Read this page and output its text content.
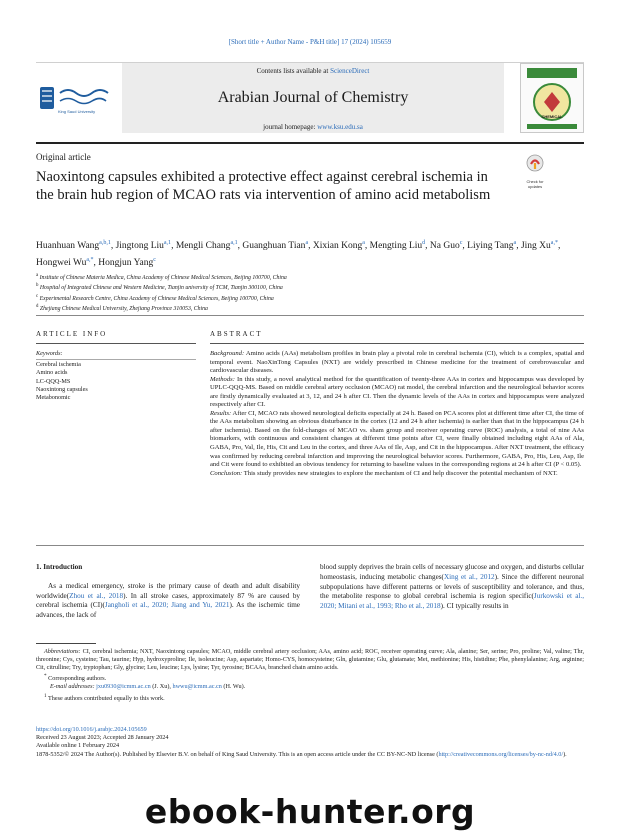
[Short title + Author Name - P&H title] 17 (2024) 105659
King Saud University
Contents lists available at ScienceDirect
Arabian Journal of Chemistry
journal homepage: www.ksu.edu.sa
CHEMICAL
Original article
Check for updates
Naoxintong capsules exhibited a protective effect against cerebral ischemia in the brain hub region of MCAO rats via intervention of amino acid metabolism
Huanhuan Wang$^{a,b,1}$, Jingtong Liu$^{a,1}$, Mengli Chang$^{a,1}$, Guanghuan Tian$^a$, Xixian Kong$^a$, Mengting Liu$^d$, Na Guo$^c$, Liying Tang$^a$, Jing $Xu^{a,*}$, Hongwei $Wu^{a,*}$, Hongjun Yang$^c$
$^a$ Institute of Chinese Materia Medica, China Academy of Chinese Medical Sciences, Beijing 100700, China
$^b$ Hospital of Integrated Chinese and Western Medicine, Tianjin university of TCM, Tianjin 300100, China
$^c$ Experimental Research Centre, China Academy of Chinese Medical Sciences, Beijing 100700, China
$^d$ Zhejiang Chinese Medical University, Zhejiang Province 310053, China
ARTICLE INFO	ABSTRACT
Keywords:
Cerebral ischemia
Amino acids
LC-QQQ-MS
Naoxintong capsules
Metabonomic

Background: Amino acids (AAs) metabolism profiles in brain play a pivotal role in cerebral ischemia (CI), which is a complex, spatial and temporal event. NaoXinTong Capsules (NXT) are widely prescribed in Chinese medicine for the treatment of cerebrovascular and cardiovascular diseases.

Methods: In this study, a novel analytical method for the quantification of twenty-three AAs in cortex and hippocampus was developed by UPLC-QQQ-MS. Based on middle cerebral artery occlusion (MCAO) rat model, the cerebral infarction and the neurological behavior scores are firstly dynamically evaluated at 3, 12, and 24 h after CI. Then the dynamic levels of the AAs in cortex and hippocampus were analyzed respectively after CI.

Results: After CI, MCAO rats showed neurological deficits especially at 24 h. Based on PCA scores plot at different time after CI, the time of the AAs metabolism showing an obvious disturbance in the cortex (12 and 24 h after ischemia) is earlier than that in the hippocampus (24 h after ischemia). Based on the fold-changes of MCAO vs. sham group and receiver operating curve (ROC) analysis, a total of nine AAs biomarkers, with continuous and consistent changes at different time points after CI, were finally obtained including eight AAs of Ala, GABA, Pro, Val, Ile, His, Cit and Leu in the cortex, and three AAs of Ile, Asp, and Cit in the hippocampus. After NXT treatment, the efficacy was confirmed by reducing cerebral infarction and improving the neurological behavior scores. Furthermore, GABA, Pro, His, Leu, Asp, Ile and Cit were found to exhibited an obvious tendency for returning to baseline values in the corresponding regions at 24 h after CI (P < 0.05).

Conclusion: This study provides new strategies to explore the mechanism of CI and help discover the potential mechanism of NXT.

1. Introduction

As a medical emergency, stroke is the primary cause of death and adult disability worldwide(Zhou et al., 2018). In all stroke cases, approximately 87 % are caused by cerebral ischemia (CI)(Jangholi et al., 2020; Jiang and Yu, 2021). As the ischemic time advances, the lack of

blood supply deprives the brain cells of necessary glucose and oxygen, and disturbs cellular homeostasis, inducing metabolic changes(Xing et al., 2012). Since the different neuronal subpopulations have different patterns or levels of susceptibility and tolerance, and thus, the metabolite response to global cerebral ischemia is region specific(Jurkowski et al., 2020; Mitani et al., 1993; Rho et al., 2018). CI typically results in

Abbreviations: CI, cerebral ischemia; NXT, Naoxintong capsules; MCAO, middle cerebral artery occlusion; AAs, amino acid; ROC, receiver operating curve; Ala, alanine; Ser, serine; Pro, proline; Val, valine; Thr, threonine; Cys, cysteine; Tau, taurine; Hyp, hydroxyproline; Ile, isoleucine; Asp, aspartate; Homo-CYS, homocysteine; Gln, glutamine; Glu, glutamate; Met, methionine; His, histidine; Phe, phenylalanine; Arg, arginine; Cit, citrulline; Try, tryptophan; Gly, glycine; Leu, leucine; Lys, lysine; Tyr, tyrosine; BCAAs, branched chain amino acids.

* Corresponding authors.

E-mail addresses: jxu0930@icmm.ac.cn (J. Xu), hwwu@icmm.ac.cn (H. Wu).

$^1$ These authors contributed equally to this work.

https://doi.org/10.1016/j.arabjc.2024.105659

Received 23 August 2023; Accepted 28 January 2024

Available online 1 February 2024

1878-5352/© 2024 The Author(s). Published by Elsevier B.V. on behalf of King Saud University. This is an open access article under the CC BY-NC-ND license (http://creativecommons.org/licenses/by-nc-nd/4.0/).

ebook-hunter.org
